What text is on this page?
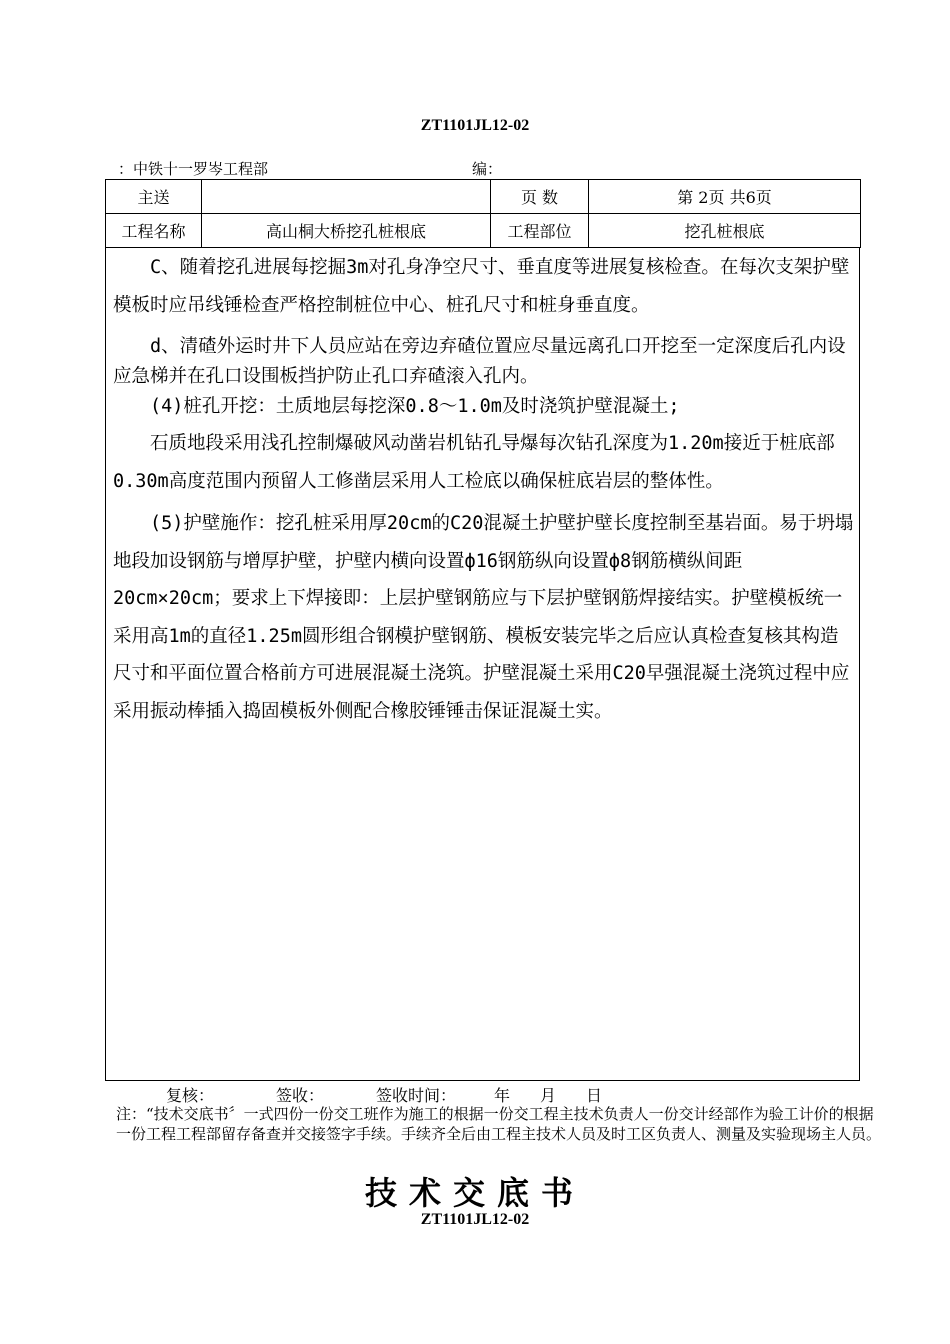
ZT1101JL12-02
：中铁十一罗岑工程部	编：
主送		页 数	第 2页 共6页
工程名称	高山桐大桥挖孔桩根底	工程部位	挖孔桩根底

C、随着挖孔进展每挖掘3m对孔身净空尺寸、垂直度等进展复核检查。在每次支架护壁模板时应吊线锤检查严格控制桩位中心、桩孔尺寸和桩身垂直度。

d、清碴外运时井下人员应站在旁边弃碴位置应尽量远离孔口开挖至一定深度后孔内设应急梯并在孔口设围板挡护防止孔口弃碴滚入孔内。

(4)桩孔开挖：土质地层每挖深0.8～1.0m及时浇筑护壁混凝土;

石质地段采用浅孔控制爆破风动凿岩机钻孔导爆每次钻孔深度为1.20m接近于桩底部0.30m高度范围内预留人工修凿层采用人工检底以确保桩底岩层的整体性。

(5)护壁施作：挖孔桩采用厚20cm的C20混凝土护壁护壁长度控制至基岩面。易于坍塌地段加设钢筋与增厚护壁，护壁内横向设置ф16钢筋纵向设置ф8钢筋横纵间距20cm×20cm；要求上下焊接即：上层护壁钢筋应与下层护壁钢筋焊接结实。护壁模板统一采用高1m的直径1.25m圆形组合钢模护壁钢筋、模板安装完毕之后应认真检查复核其构造尺寸和平面位置合格前方可进展混凝土浇筑。护壁混凝土采用C20早强混凝土浇筑过程中应采用振动棒插入捣固模板外侧配合橡胶锤锤击保证混凝土实。

复核：	签收：	签收时间： 年 月 日
注：“技术交底书〞一式四份一份交工班作为施工的根据一份交工程主技术负责人一份交计经部作为验工计价的根据一份工程工程部留存备查并交接签字手续。手续齐全后由工程主技术人员及时工区负责人、测量及实验现场主人员。
技术交底书
ZT1101JL12-02
